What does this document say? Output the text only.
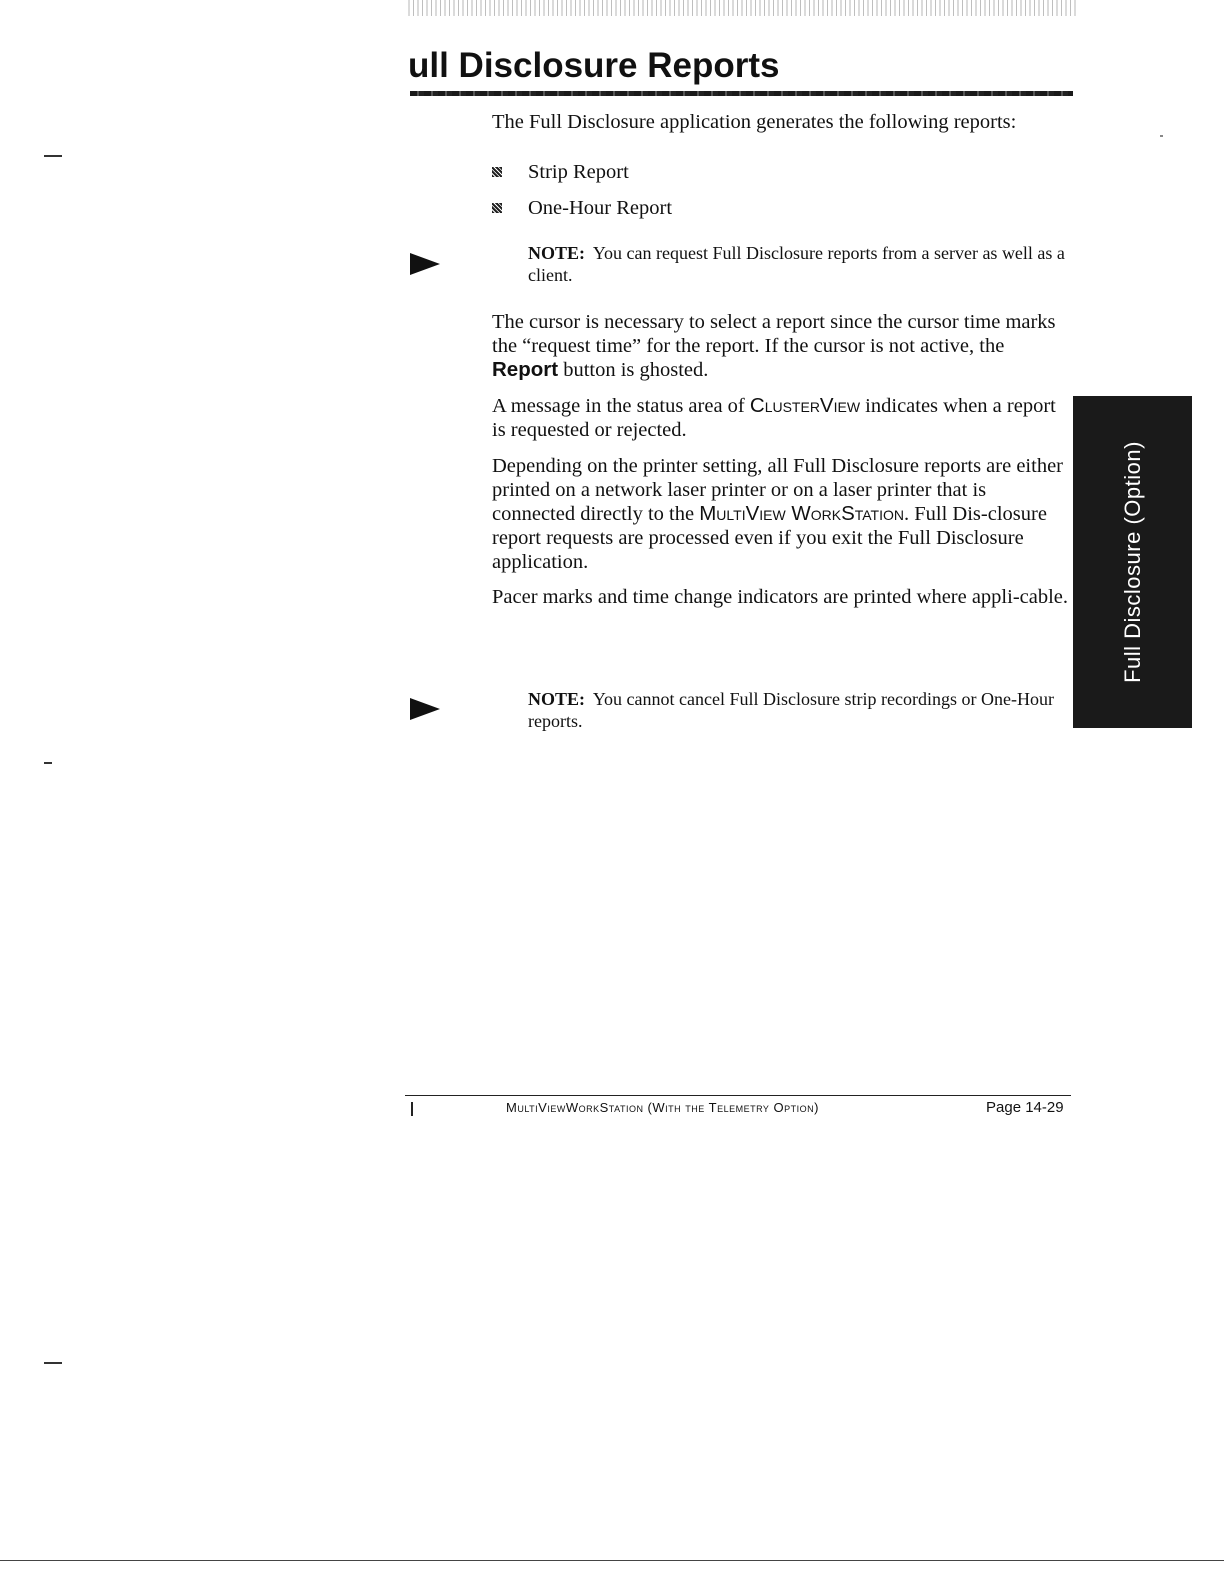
ull Disclosure Reports

The Full Disclosure application generates the following reports:

Strip Report
One-Hour Report

NOTE: You can request Full Disclosure reports from a server as well as a client.

The cursor is necessary to select a report since the cursor time marks the “request time” for the report. If the cursor is not active, the Report button is ghosted.

A message in the status area of ClusterView indicates when a report is requested or rejected.

Depending on the printer setting, all Full Disclosure reports are either printed on a network laser printer or on a laser printer that is connected directly to the MultiView WorkStation. Full Dis-closure report requests are processed even if you exit the Full Disclosure application.

Pacer marks and time change indicators are printed where appli-cable.

NOTE: You cannot cancel Full Disclosure strip recordings or One-Hour reports.

Full Disclosure (Option)
MultiViewWorkStation (With the Telemetry Option)	Page 14-29
